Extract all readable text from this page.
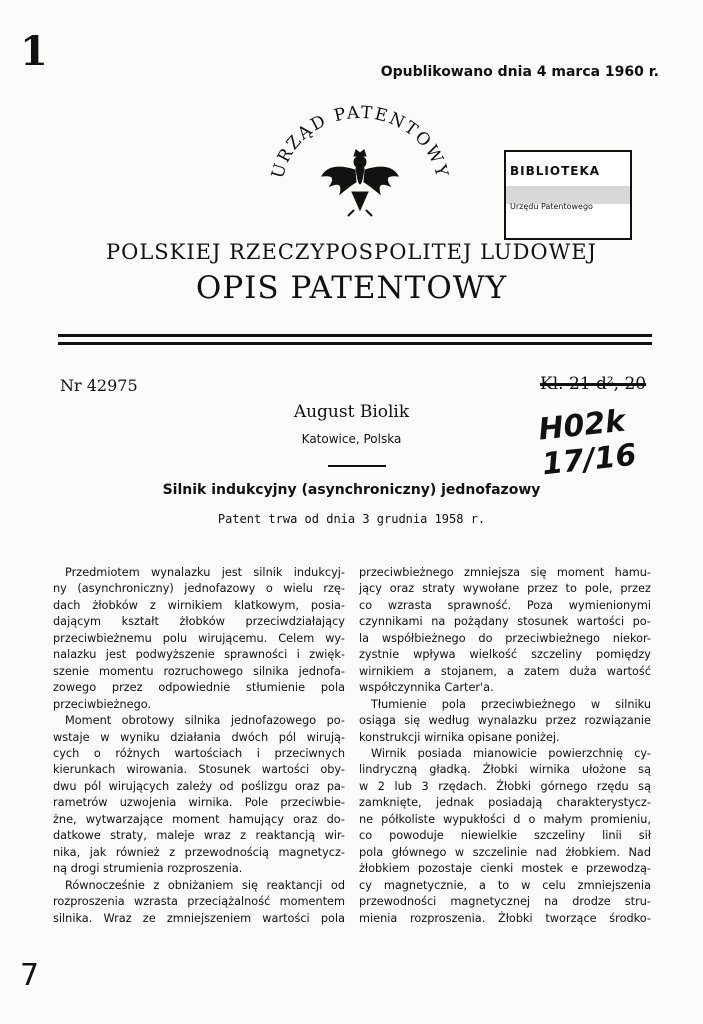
1	Opublikowano dnia 4 marca 1960 r.
URZĄD PATENTOWY	BIBLIOTEKA
Urzędu Patentowego
POLSKIEJ RZECZYPOSPOLITEJ LUDOWEJ
OPIS PATENTOWY
Nr 42975	Kl. 21 d², 20
H02k 17/16
August Biolik
Katowice, Polska
Silnik indukcyjny (asynchroniczny) jednofazowy
Patent trwa od dnia 3 grudnia 1958 r.
Przedmiotem wynalazku jest silnik indukcyj-
ny (asynchroniczny) jednofazowy o wielu rzę-
dach żłobków z wirnikiem klatkowym, posia-
dającym kształt żłobków przeciwdziałający
przeciwbieżnemu polu wirującemu. Celem wy-
nalazku jest podwyższenie sprawności i zwięk-
szenie momentu rozruchowego silnika jednofa-
zowego przez odpowiednie stłumienie pola
przeciwbieżnego.
Moment obrotowy silnika jednofazowego po-
wstaje w wyniku działania dwóch pól wirują-
cych o różnych wartościach i przeciwnych
kierunkach wirowania. Stosunek wartości oby-
dwu pól wirujących zależy od poślizgu oraz pa-
rametrów uzwojenia wirnika. Pole przeciwbie-
żne, wytwarzające moment hamujący oraz do-
datkowe straty, maleje wraz z reaktancją wir-
nika, jak również z przewodnością magnetycz-
ną drogi strumienia rozproszenia.
Równocześnie z obniżaniem się reaktancji od
rozproszenia wzrasta przeciążalność momentem
silnika. Wraz ze zmniejszeniem wartości pola
przeciwbieżnego zmniejsza się moment hamu-
jący oraz straty wywołane przez to pole, przez
co wzrasta sprawność. Poza wymienionymi
czynnikami na pożądany stosunek wartości po-
la współbieżnego do przeciwbieżnego niekor-
zystnie wpływa wielkość szczeliny pomiędzy
wirnikiem a stojanem, a zatem duża wartość
współczynnika Carter'a.
Tłumienie pola przeciwbieżnego w silniku
osiąga się według wynalazku przez rozwiązanie
konstrukcji wirnika opisane poniżej.
Wirnik posiada mianowicie powierzchnię cy-
lindryczną gładką. Żłobki wirnika ułożone są
w 2 lub 3 rzędach. Żłobki górnego rzędu są
zamknięte, jednak posiadają charakterystycz-
ne półkoliste wypukłości d o małym promieniu,
co powoduje niewielkie szczeliny linii sił
pola głównego w szczelinie nad żłobkiem. Nad
żłobkiem pozostaje cienki mostek e przewodzą-
cy magnetycznie, a to w celu zmniejszenia
przewodności magnetycznej na drodze stru-
mienia rozproszenia. Żłobki tworzące środko-
7
